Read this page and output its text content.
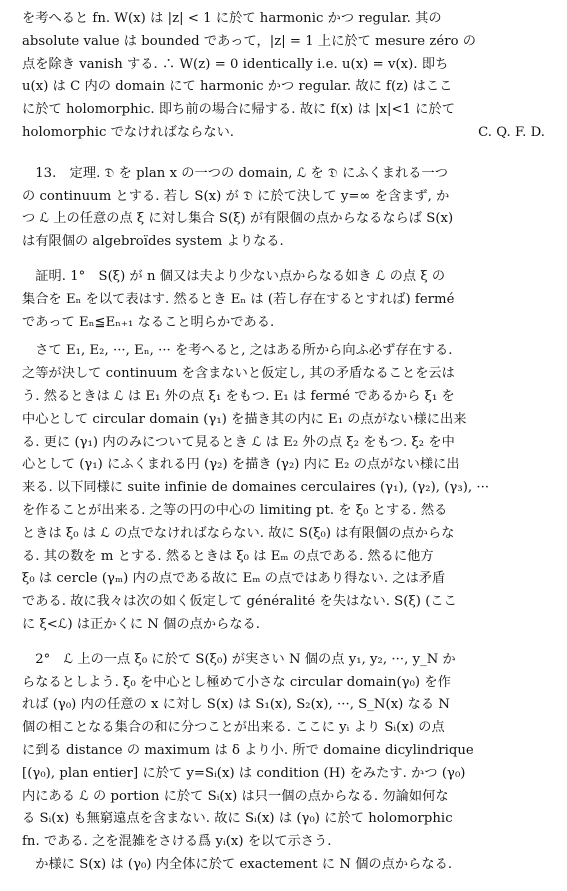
を考へると fn. W(x) は |z| < 1 に於て harmonic かつ regular. 其の
absolute value は bounded であって，|z| = 1 上に於て mesure zéro の
点を除き vanish する. ∴ W(z) = 0 identically i.e. u(x) = v(x). 即ち
u(x) は C 内の domain にて harmonic かつ regular. 故に f(z) はここ
に於て holomorphic. 即ち前の場合に帰する. 故に f(x) は |x|<1 に於て
holomorphic でなければならない.	C. Q. F. D.
　13.　定理. 𝔇 を plan x の一つの domain, ℒ を 𝔇 にふくまれる一つ
の continuum とする. 若し S(x) が 𝔇 に於て決して y=∞ を含まず, か
つ ℒ 上の任意の点 ξ に対し集合 S(ξ) が有限個の点からなるならば S(x)
は有限個の algebroïdes system よりなる.
　証明. 1°　S(ξ) が n 個又は夫より少ない点からなる如き ℒ の点 ξ の
集合を Eₙ を以て表はす. 然るとき Eₙ は (若し存在するとすれば) fermé
であって Eₙ≦Eₙ₊₁ なること明らかである.
　さて E₁, E₂, ···, Eₙ, ··· を考へると, 之はある所から向ふ必ず存在する.
之等が決して continuum を含まないと仮定し, 其の矛盾なることを云は
う. 然るときは ℒ は E₁ 外の点 ξ₁ をもつ. E₁ は fermé であるから ξ₁ を
中心として circular domain (γ₁) を描き其の内に E₁ の点がない様に出来
る. 更に (γ₁) 内のみについて見るとき ℒ は E₂ 外の点 ξ₂ をもつ. ξ₂ を中
心として (γ₁) にふくまれる円 (γ₂) を描き (γ₂) 内に E₂ の点がない様に出
来る. 以下同様に suite infinie de domaines cerculaires (γ₁), (γ₂), (γ₃), ···
を作ることが出来る. 之等の円の中心の limiting pt. を ξ₀ とする. 然る
ときは ξ₀ は ℒ の点でなければならない. 故に S(ξ₀) は有限個の点からな
る. 其の数を m とする. 然るときは ξ₀ は Eₘ の点である. 然るに他方
ξ₀ は cercle (γₘ) 内の点である故に Eₘ の点ではあり得ない. 之は矛盾
である. 故に我々は次の如く仮定して généralité を失はない. S(ξ) (ここ
に ξ<ℒ) は正かくに N 個の点からなる.
　2°　ℒ 上の一点 ξ₀ に於て S(ξ₀) が実さい N 個の点 y₁, y₂, ···, y_N か
らなるとしよう. ξ₀ を中心とし極めて小さな circular domain(γ₀) を作
れば (γ₀) 内の任意の x に対し S(x) は S₁(x), S₂(x), ···, S_N(x) なる N
個の相ことなる集合の和に分つことが出来る. ここに yᵢ より Sᵢ(x) の点
に到る distance の maximum は δ より小. 所で domaine dicylindrique
[(γ₀), plan entier] に於て y=Sᵢ(x) は condition (H) をみたす. かつ (γ₀)
内にある ℒ の portion に於て Sᵢ(x) は只一個の点からなる. 勿論如何な
る Sᵢ(x) も無窮遠点を含まない. 故に Sᵢ(x) は (γ₀) に於て holomorphic
fn. である. 之を混雑をさける爲 yᵢ(x) を以て示さう.
　か様に S(x) は (γ₀) 内全体に於て exactement に N 個の点からなる.
